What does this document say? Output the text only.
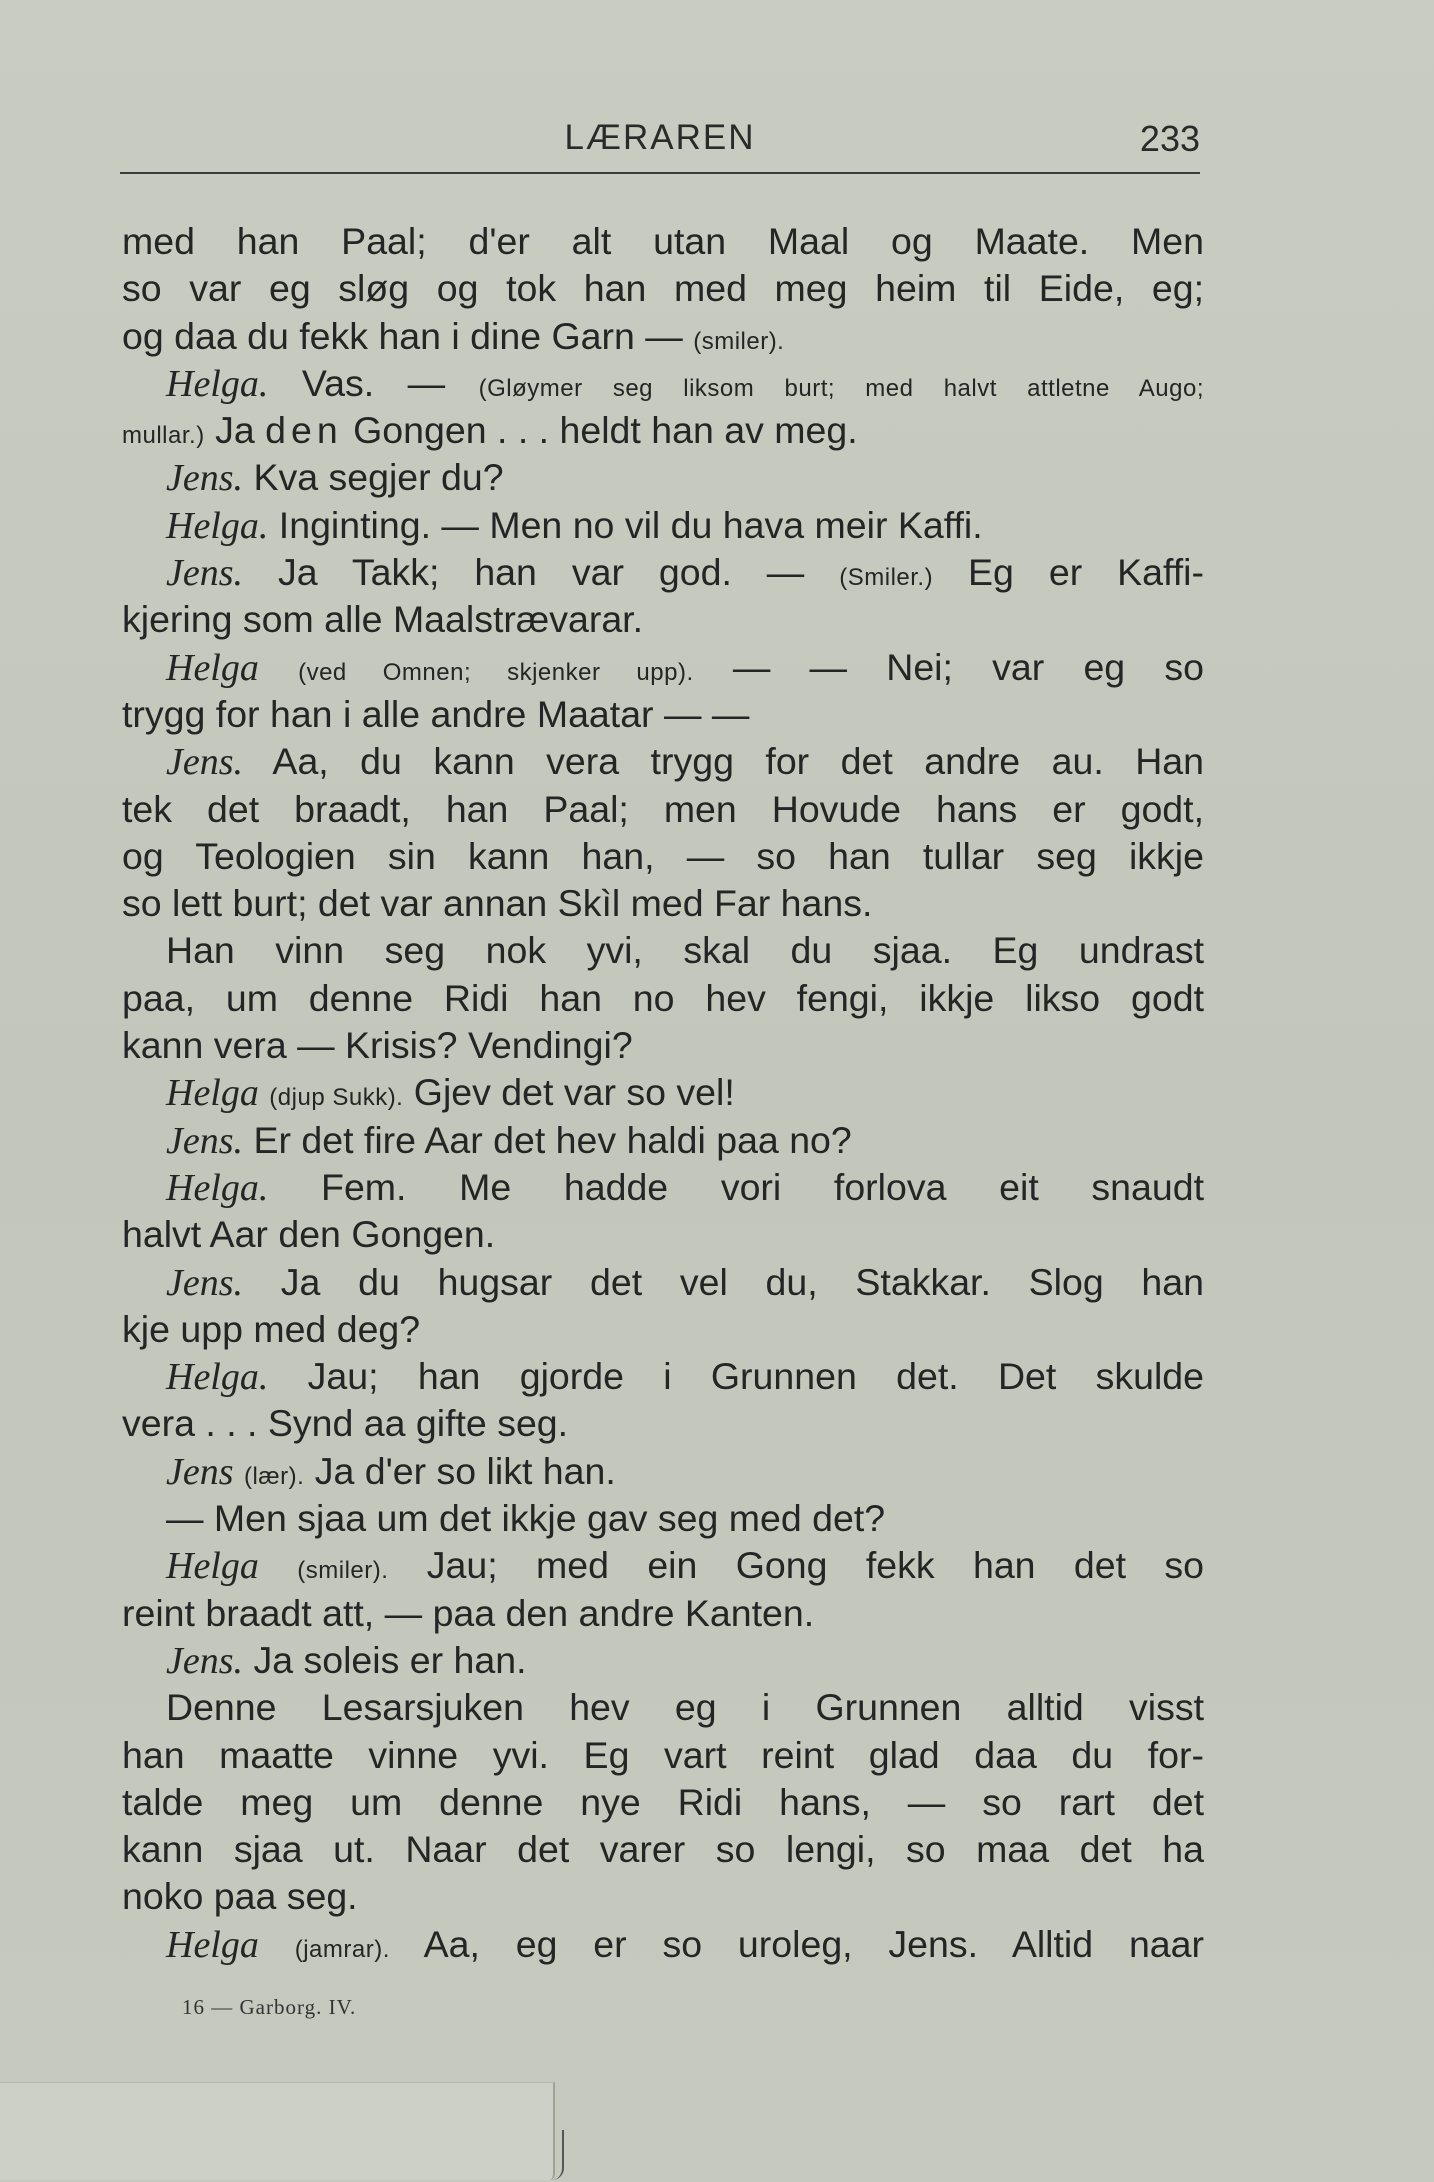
LÆRAREN	233
med han Paal; d'er alt utan Maal og Maate. Men
so var eg sløg og tok han med meg heim til Eide, eg;
og daa du fekk han i dine Garn — (smiler).
Helga. Vas. — (Gløymer seg liksom burt; med halvt attletne Augo;
mullar.) Ja den Gongen . . . heldt han av meg.
Jens. Kva segjer du?
Helga. Inginting. — Men no vil du hava meir Kaffi.
Jens. Ja Takk; han var god. — (Smiler.) Eg er Kaffi-
kjering som alle Maalstrævarar.
Helga (ved Omnen; skjenker upp). — — Nei; var eg so
trygg for han i alle andre Maatar — —
Jens. Aa, du kann vera trygg for det andre au. Han
tek det braadt, han Paal; men Hovude hans er godt,
og Teologien sin kann han, — so han tullar seg ikkje
so lett burt; det var annan Skìl med Far hans.
Han vinn seg nok yvi, skal du sjaa. Eg undrast
paa, um denne Ridi han no hev fengi, ikkje likso godt
kann vera — Krisis? Vendingi?
Helga (djup Sukk). Gjev det var so vel!
Jens. Er det fire Aar det hev haldi paa no?
Helga. Fem. Me hadde vori forlova eit snaudt
halvt Aar den Gongen.
Jens. Ja du hugsar det vel du, Stakkar. Slog han
kje upp med deg?
Helga. Jau; han gjorde i Grunnen det. Det skulde
vera . . . Synd aa gifte seg.
Jens (lær). Ja d'er so likt han.
— Men sjaa um det ikkje gav seg med det?
Helga (smiler). Jau; med ein Gong fekk han det so
reint braadt att, — paa den andre Kanten.
Jens. Ja soleis er han.
Denne Lesarsjuken hev eg i Grunnen alltid visst
han maatte vinne yvi. Eg vart reint glad daa du for-
talde meg um denne nye Ridi hans, — so rart det
kann sjaa ut. Naar det varer so lengi, so maa det ha
noko paa seg.
Helga (jamrar). Aa, eg er so uroleg, Jens. Alltid naar
16 — Garborg. IV.
